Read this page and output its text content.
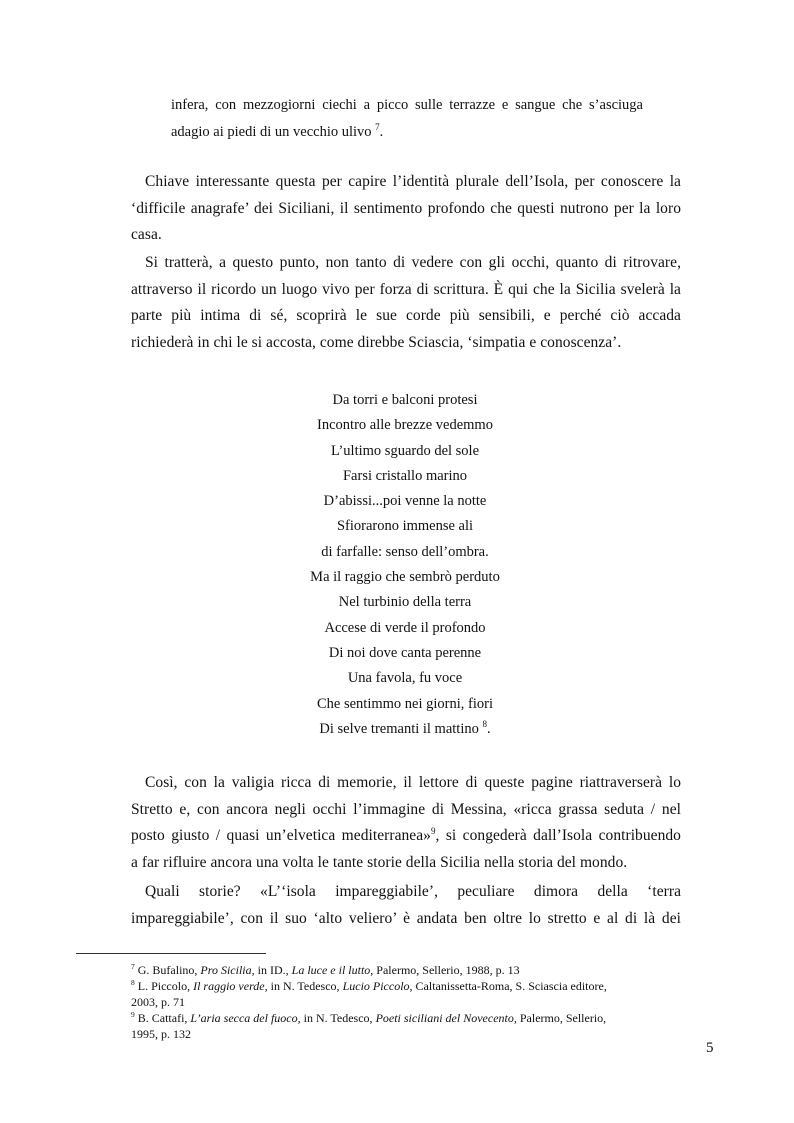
infera, con mezzogiorni ciechi a picco sulle terrazze e sangue che s’asciuga
adagio ai piedi di un vecchio ulivo $^7$.
Chiave interessante questa per capire l’identità plurale dell’Isola, per conoscere la
‘difficile anagrafe’ dei Siciliani, il sentimento profondo che questi nutrono per la loro
casa.
Si tratterà, a questo punto, non tanto di vedere con gli occhi, quanto di ritrovare,
attraverso il ricordo un luogo vivo per forza di scrittura. È qui che la Sicilia svelerà la
parte più intima di sé, scoprirà le sue corde più sensibili, e perché ciò accada
richiederà in chi le si accosta, come direbbe Sciascia, ‘simpatia e conoscenza’.
Da torri e balconi protesi
Incontro alle brezze vedemmo
L’ultimo sguardo del sole
Farsi cristallo marino
D’abissi...poi venne la notte
Sfiorarono immense ali
di farfalle: senso dell’ombra.
Ma il raggio che sembrò perduto
Nel turbinio della terra
Accese di verde il profondo
Di noi dove canta perenne
Una favola, fu voce
Che sentimmo nei giorni, fiori
Di selve tremanti il mattino $^8$.
Così, con la valigia ricca di memorie, il lettore di queste pagine riattraverserà lo
Stretto e, con ancora negli occhi l’immagine di Messina, «ricca grassa seduta / nel
posto giusto / quasi un’elvetica mediterranea»$^9$, si congederà dall’Isola contribuendo
a far rifluire ancora una volta le tante storie della Sicilia nella storia del mondo.
Quali storie? «L’‘isola impareggiabile’, peculiare dimora della ‘terra
impareggiabile’, con il suo ‘alto veliero’ è andata ben oltre lo stretto e al di là dei
$^7$ G. Bufalino, Pro Sicilia, in ID., La luce e il lutto, Palermo, Sellerio, 1988, p. 13
$^8$ L. Piccolo, Il raggio verde, in N. Tedesco, Lucio Piccolo, Caltanissetta-Roma, S. Sciascia editore,
2003, p. 71
$^9$ B. Cattafi, L’aria secca del fuoco, in N. Tedesco, Poeti siciliani del Novecento, Palermo, Sellerio,
1995, p. 132
5
